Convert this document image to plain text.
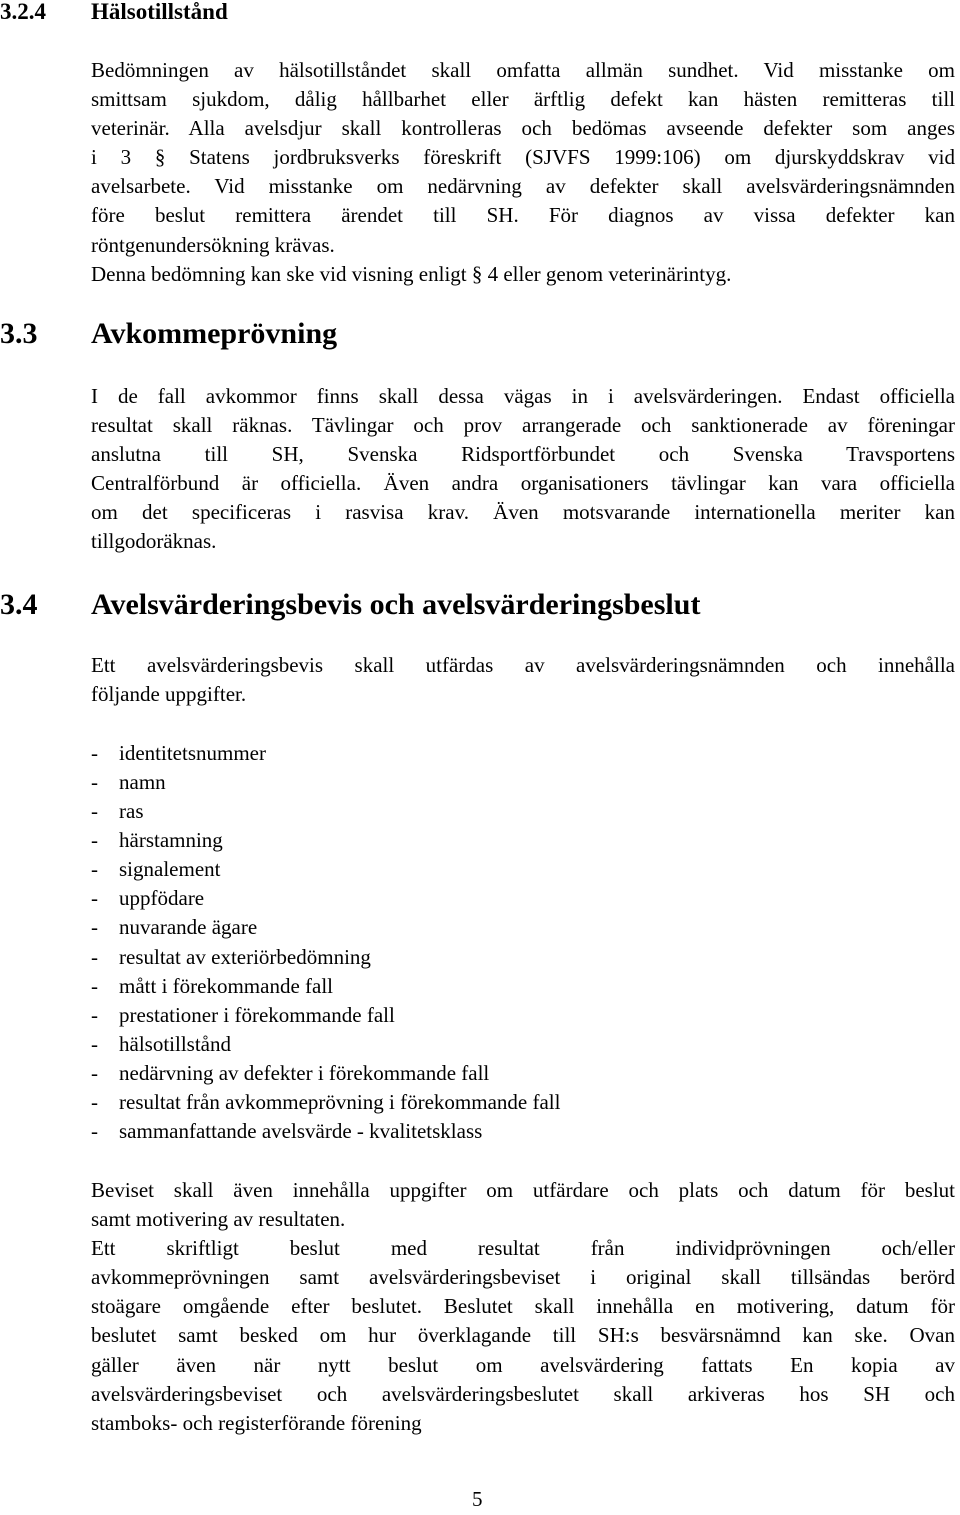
3.2.4 Hälsotillstånd
Bedömningen av hälsotillståndet skall omfatta allmän sundhet. Vid misstanke om
smittsam sjukdom, dålig hållbarhet eller ärftlig defekt kan hästen remitteras till
veterinär. Alla avelsdjur skall kontrolleras och bedömas avseende defekter som anges
i 3 § Statens jordbruksverks föreskrift (SJVFS 1999:106) om djurskyddskrav vid
avelsarbete. Vid misstanke om nedärvning av defekter skall avelsvärderingsnämnden
före beslut remittera ärendet till SH. För diagnos av vissa defekter kan
röntgenundersökning krävas.
Denna bedömning kan ske vid visning enligt § 4 eller genom veterinärintyg.
3.3 Avkommeprövning
I de fall avkommor finns skall dessa vägas in i avelsvärderingen. Endast officiella
resultat skall räknas. Tävlingar och prov arrangerade och sanktionerade av föreningar
anslutna till SH, Svenska Ridsportförbundet och Svenska Travsportens
Centralförbund är officiella. Även andra organisationers tävlingar kan vara officiella
om det specificeras i rasvisa krav. Även motsvarande internationella meriter kan
tillgodoräknas.
3.4 Avelsvärderingsbevis och avelsvärderingsbeslut
Ett avelsvärderingsbevis skall utfärdas av avelsvärderingsnämnden och innehålla
följande uppgifter.
- identitetsnummer
- namn
- ras
- härstamning
- signalement
- uppfödare
- nuvarande ägare
- resultat av exteriörbedömning
- mått i förekommande fall
- prestationer i förekommande fall
- hälsotillstånd
- nedärvning av defekter i förekommande fall
- resultat från avkommeprövning i förekommande fall
- sammanfattande avelsvärde - kvalitetsklass
Beviset skall även innehålla uppgifter om utfärdare och plats och datum för beslut
samt motivering av resultaten.
Ett skriftligt beslut med resultat från individprövningen och/eller
avkommeprövningen samt avelsvärderingsbeviset i original skall tillsändas berörd
stoägare omgående efter beslutet. Beslutet skall innehålla en motivering, datum för
beslutet samt besked om hur överklagande till SH:s besvärsnämnd kan ske. Ovan
gäller även när nytt beslut om avelsvärdering fattats En kopia av
avelsvärderingsbeviset och avelsvärderingsbeslutet skall arkiveras hos SH och
stamboks- och registerförande förening
5
